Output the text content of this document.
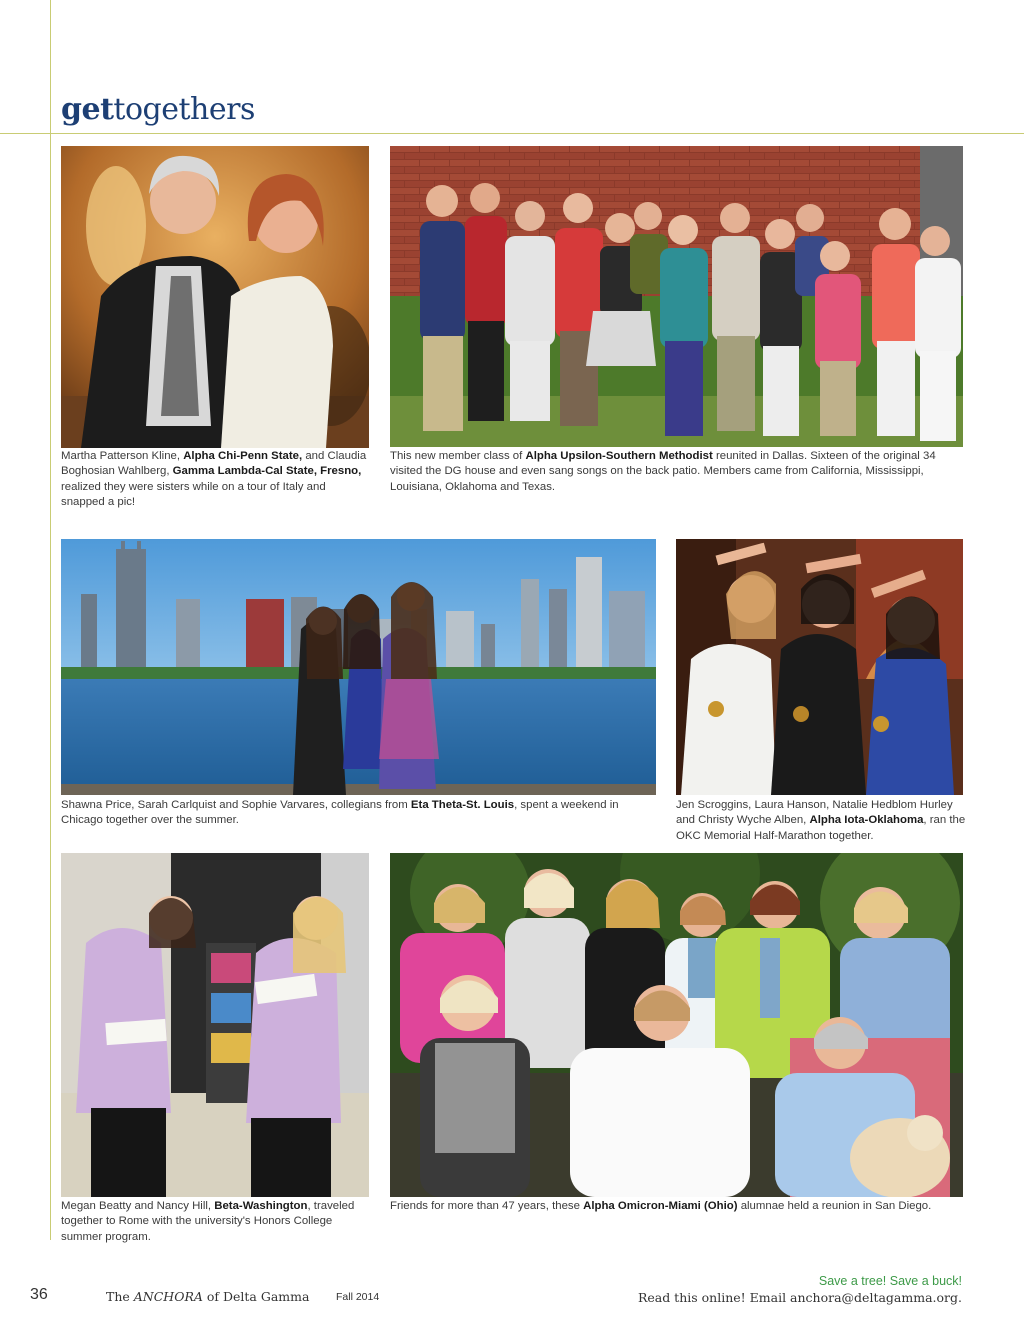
gettogethers
Martha Patterson Kline, Alpha Chi-Penn State, and Claudia Boghosian Wahlberg, Gamma Lambda-Cal State, Fresno, realized they were sisters while on a tour of Italy and snapped a pic!
This new member class of Alpha Upsilon-Southern Methodist reunited in Dallas. Sixteen of the original 34 visited the DG house and even sang songs on the back patio. Members came from California, Mississippi, Louisiana, Oklahoma and Texas.
Shawna Price, Sarah Carlquist and Sophie Varvares, collegians from Eta Theta-St. Louis, spent a weekend in Chicago together over the summer.
Jen Scroggins, Laura Hanson, Natalie Hedblom Hurley and Christy Wyche Alben, Alpha Iota-Oklahoma, ran the OKC Memorial Half-Marathon together.
Megan Beatty and Nancy Hill, Beta-Washington, traveled together to Rome with the university's Honors College summer program.
Friends for more than 47 years, these Alpha Omicron-Miami (Ohio) alumnae held a reunion in San Diego.
36	The ANCHORA of Delta Gamma	Fall 2014
Save a tree! Save a buck!
Read this online! Email anchora@deltagamma.org.
